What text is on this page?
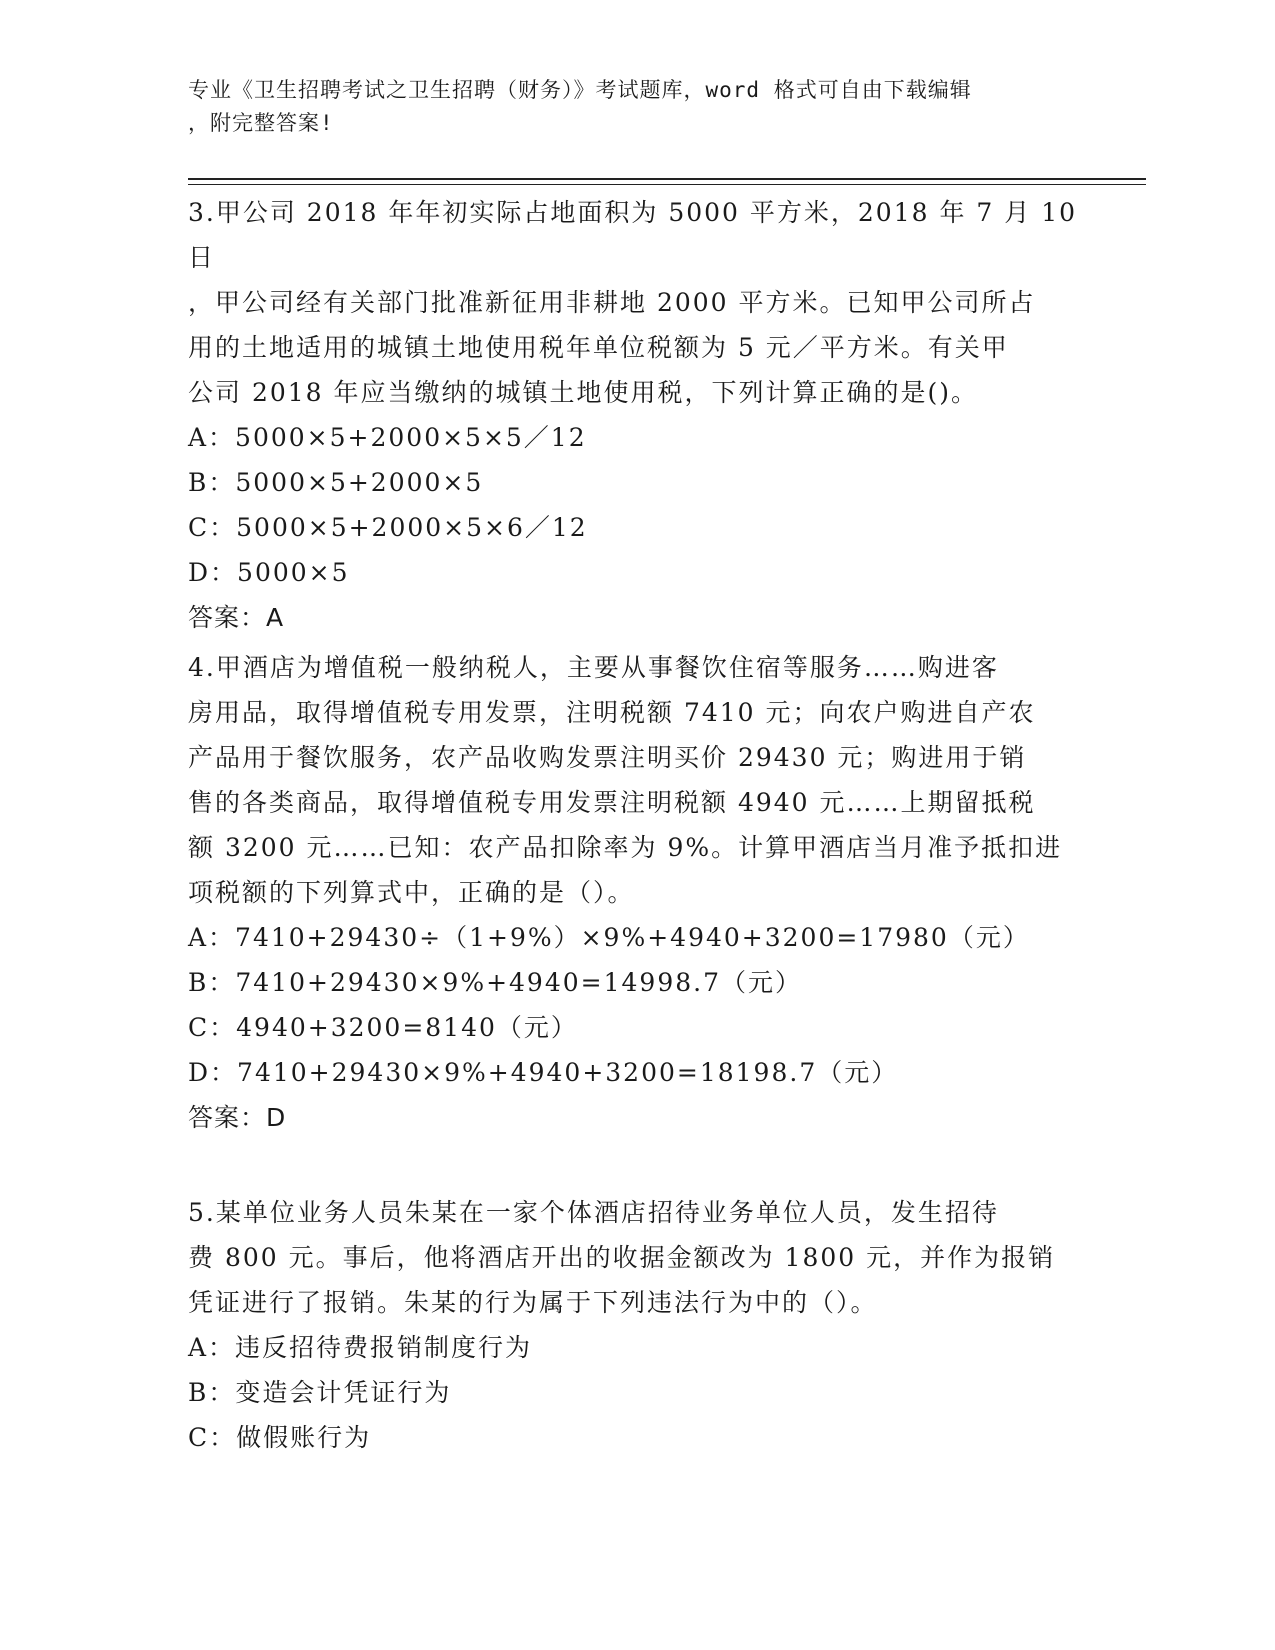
专业《卫生招聘考试之卫生招聘（财务）》考试题库，word 格式可自由下载编辑
，附完整答案!
3.甲公司 2018 年年初实际占地面积为 5000 平方米，2018 年 7 月 10 日
，甲公司经有关部门批准新征用非耕地 2000 平方米。已知甲公司所占
用的土地适用的城镇土地使用税年单位税额为 5 元／平方米。有关甲
公司 2018 年应当缴纳的城镇土地使用税，下列计算正确的是()。
A：5000×5+2000×5×5／12
B：5000×5+2000×5
C：5000×5+2000×5×6／12
D：5000×5
答案：A
4.甲酒店为增值税一般纳税人，主要从事餐饮住宿等服务……购进客
房用品，取得增值税专用发票，注明税额 7410 元；向农户购进自产农
产品用于餐饮服务，农产品收购发票注明买价 29430 元；购进用于销
售的各类商品，取得增值税专用发票注明税额 4940 元……上期留抵税
额 3200 元……已知：农产品扣除率为 9%。计算甲酒店当月准予抵扣进
项税额的下列算式中，正确的是（）。
A：7410+29430÷（1+9%）×9%+4940+3200=17980（元）
B：7410+29430×9%+4940=14998.7（元）
C：4940+3200=8140（元）
D：7410+29430×9%+4940+3200=18198.7（元）
答案：D
5.某单位业务人员朱某在一家个体酒店招待业务单位人员，发生招待
费 800 元。事后，他将酒店开出的收据金额改为 1800 元，并作为报销
凭证进行了报销。朱某的行为属于下列违法行为中的（）。
A：违反招待费报销制度行为
B：变造会计凭证行为
C：做假账行为
